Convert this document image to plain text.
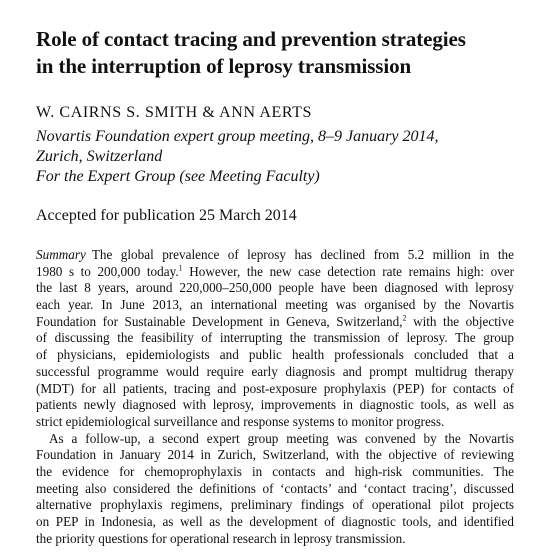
Role of contact tracing and prevention strategies
in the interruption of leprosy transmission
W. CAIRNS S. SMITH & ANN AERTS
Novartis Foundation expert group meeting, 8–9 January 2014,
Zurich, Switzerland
For the Expert Group (see Meeting Faculty)
Accepted for publication 25 March 2014
Summary The global prevalence of leprosy has declined from 5.2 million in the
1980 s to 200,000 today.$^1$ However, the new case detection rate remains high: over
the last 8 years, around 220,000–250,000 people have been diagnosed with leprosy
each year. In June 2013, an international meeting was organised by the Novartis
Foundation for Sustainable Development in Geneva, Switzerland,$^2$ with the objective
of discussing the feasibility of interrupting the transmission of leprosy. The group
of physicians, epidemiologists and public health professionals concluded that a
successful programme would require early diagnosis and prompt multidrug therapy
(MDT) for all patients, tracing and post-exposure prophylaxis (PEP) for contacts of
patients newly diagnosed with leprosy, improvements in diagnostic tools, as well as
strict epidemiological surveillance and response systems to monitor progress.
As a follow-up, a second expert group meeting was convened by the Novartis
Foundation in January 2014 in Zurich, Switzerland, with the objective of reviewing
the evidence for chemoprophylaxis in contacts and high-risk communities. The
meeting also considered the definitions of ‘contacts’ and ‘contact tracing’, discussed
alternative prophylaxis regimens, preliminary findings of operational pilot projects
on PEP in Indonesia, as well as the development of diagnostic tools, and identified
the priority questions for operational research in leprosy transmission.
